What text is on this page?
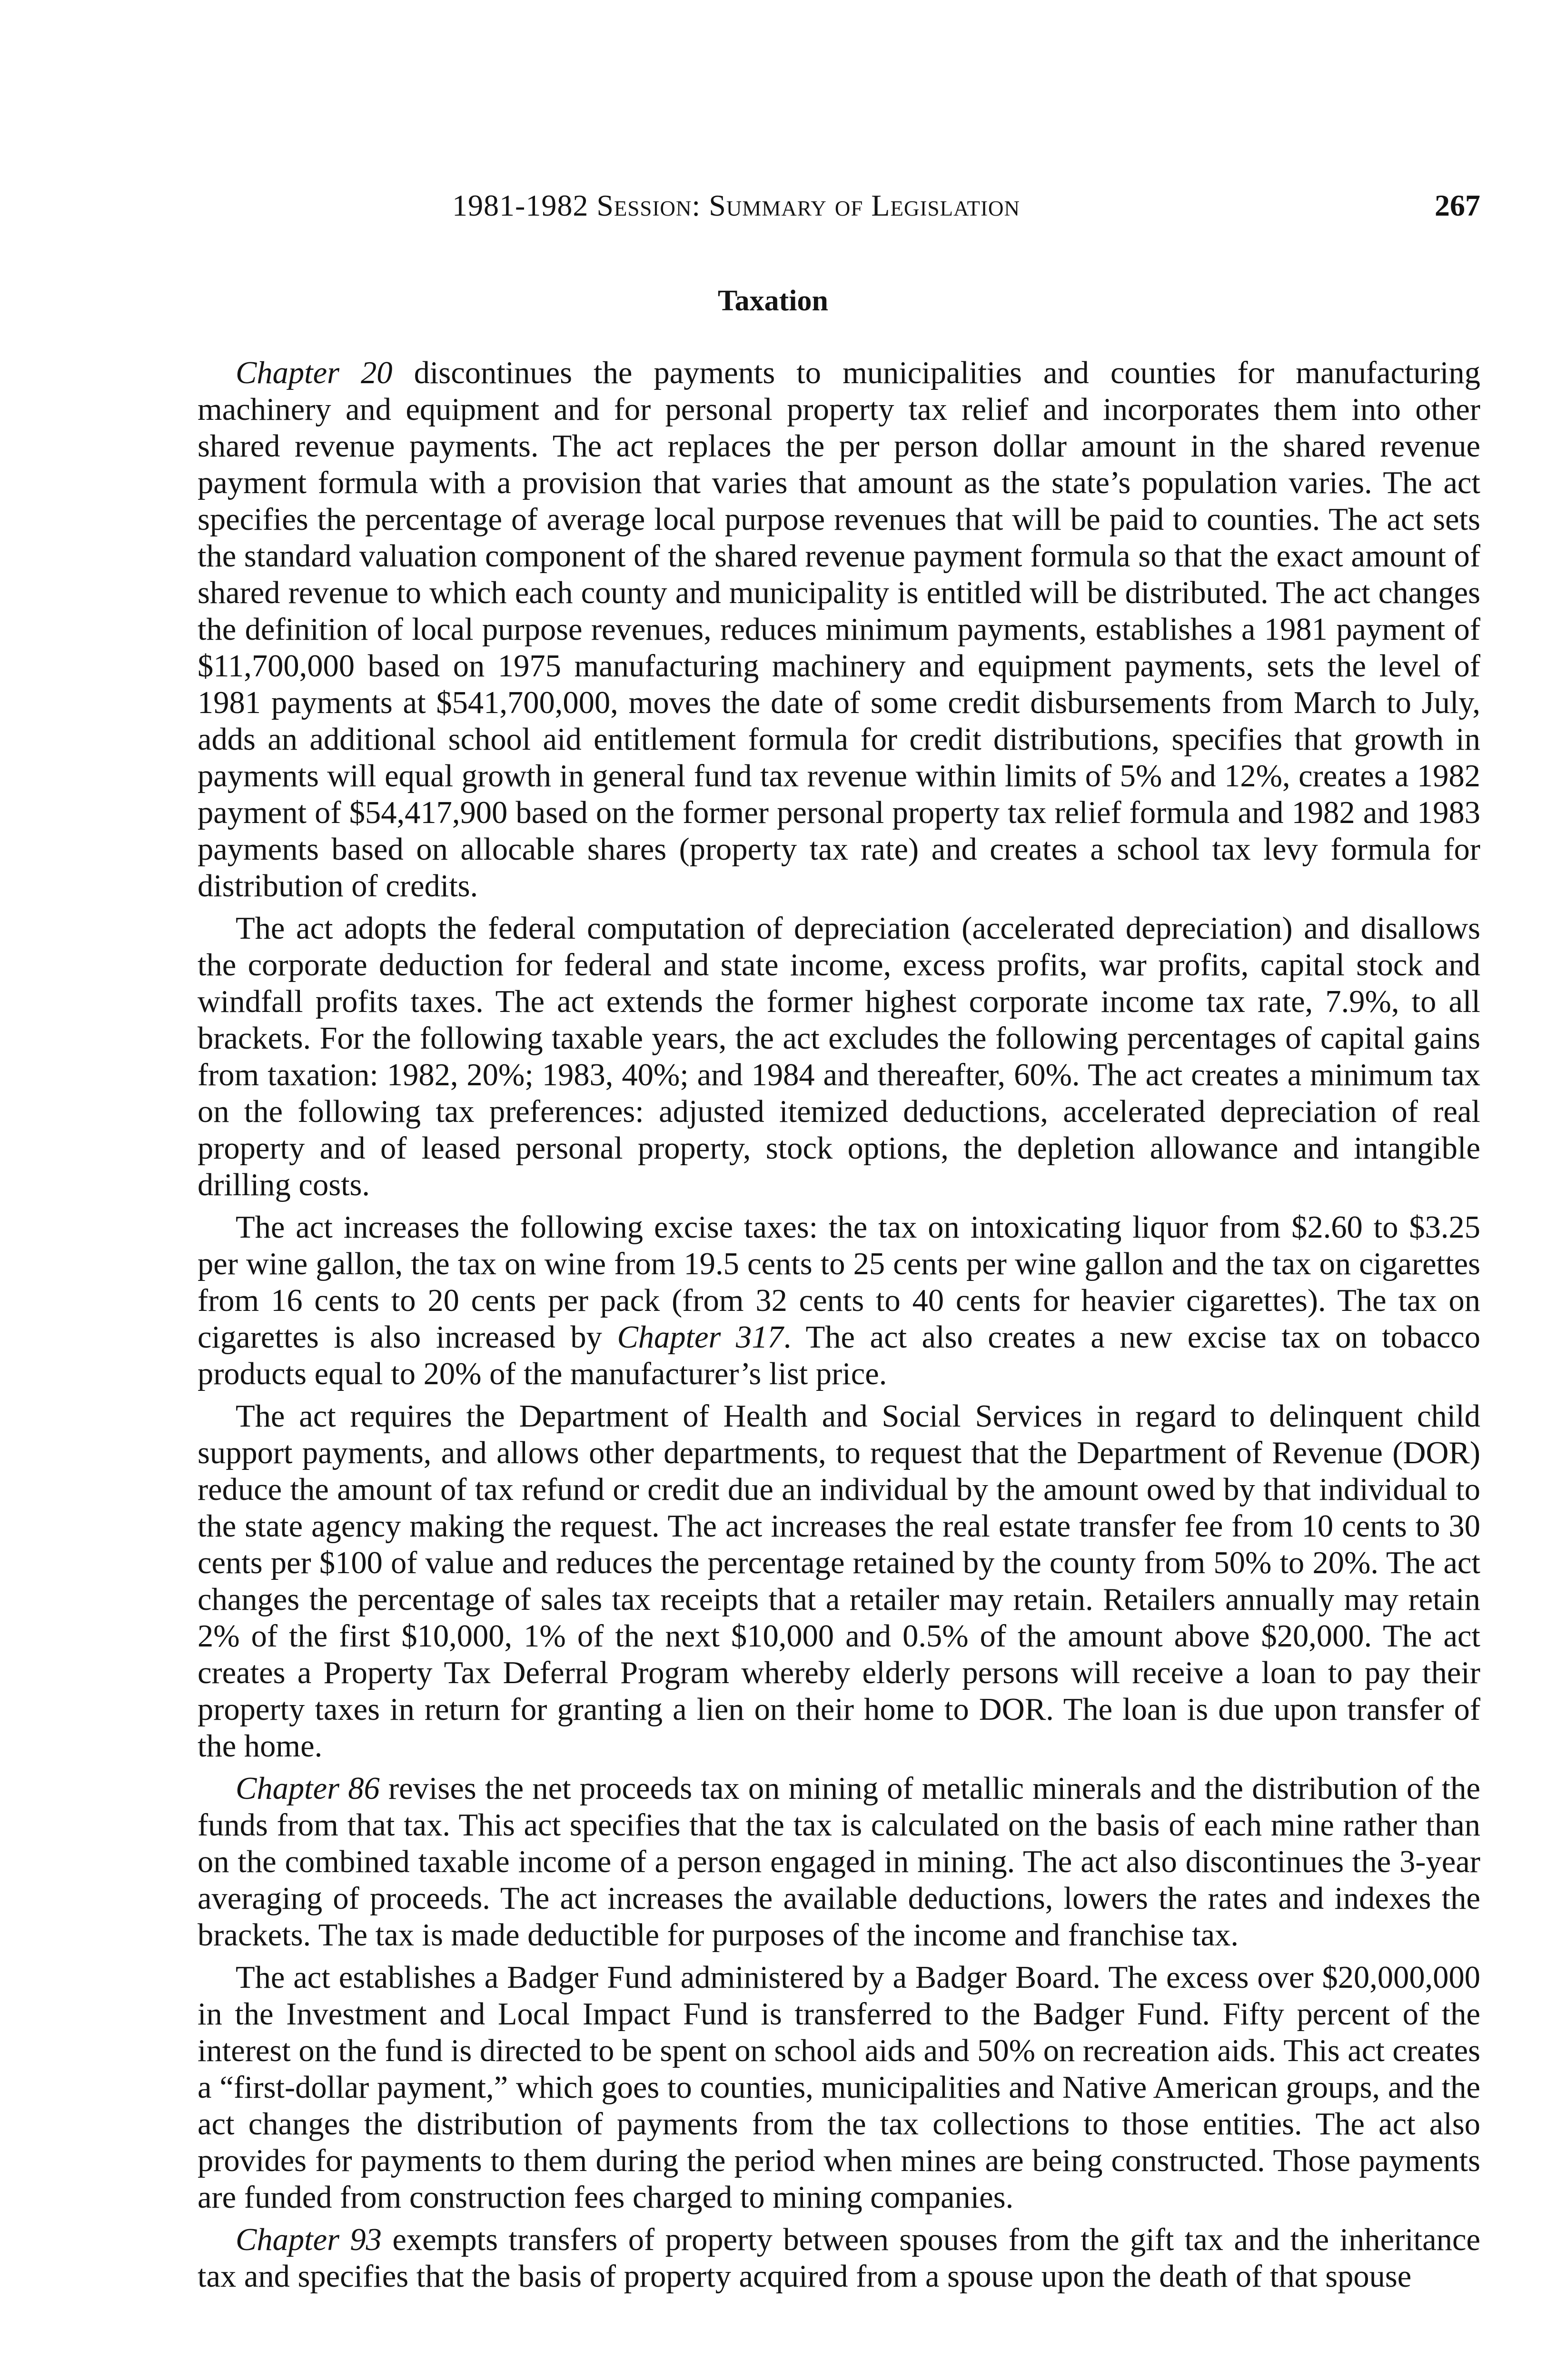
1981-1982 Session: Summary of Legislation	267
Taxation

Chapter 20 discontinues the payments to municipalities and counties for manufacturing machinery and equipment and for personal property tax relief and incorporates them into other shared revenue payments. The act replaces the per person dollar amount in the shared revenue payment formula with a provision that varies that amount as the state’s population varies. The act specifies the percentage of average local purpose revenues that will be paid to counties. The act sets the standard valuation component of the shared revenue payment formula so that the exact amount of shared revenue to which each county and municipality is entitled will be distributed. The act changes the definition of local purpose revenues, reduces minimum payments, establishes a 1981 payment of $11,700,000 based on 1975 manufacturing machinery and equipment payments, sets the level of 1981 payments at $541,700,000, moves the date of some credit disbursements from March to July, adds an additional school aid entitlement formula for credit distributions, specifies that growth in payments will equal growth in general fund tax revenue within limits of 5% and 12%, creates a 1982 payment of $54,417,900 based on the former personal property tax relief formula and 1982 and 1983 payments based on allocable shares (property tax rate) and creates a school tax levy formula for distribution of credits.

The act adopts the federal computation of depreciation (accelerated depreciation) and disallows the corporate deduction for federal and state income, excess profits, war profits, capital stock and windfall profits taxes. The act extends the former highest corporate income tax rate, 7.9%, to all brackets. For the following taxable years, the act excludes the following percentages of capital gains from taxation: 1982, 20%; 1983, 40%; and 1984 and thereafter, 60%. The act creates a minimum tax on the following tax preferences: adjusted itemized deductions, accelerated depreciation of real property and of leased personal property, stock options, the depletion allowance and intangible drilling costs.

The act increases the following excise taxes: the tax on intoxicating liquor from $2.60 to $3.25 per wine gallon, the tax on wine from 19.5 cents to 25 cents per wine gallon and the tax on cigarettes from 16 cents to 20 cents per pack (from 32 cents to 40 cents for heavier cigarettes). The tax on cigarettes is also increased by Chapter 317. The act also creates a new excise tax on tobacco products equal to 20% of the manufacturer’s list price.

The act requires the Department of Health and Social Services in regard to delinquent child support payments, and allows other departments, to request that the Department of Revenue (DOR) reduce the amount of tax refund or credit due an individual by the amount owed by that individual to the state agency making the request. The act increases the real estate transfer fee from 10 cents to 30 cents per $100 of value and reduces the percentage retained by the county from 50% to 20%. The act changes the percentage of sales tax receipts that a retailer may retain. Retailers annually may retain 2% of the first $10,000, 1% of the next $10,000 and 0.5% of the amount above $20,000. The act creates a Property Tax Deferral Program whereby elderly persons will receive a loan to pay their property taxes in return for granting a lien on their home to DOR. The loan is due upon transfer of the home.

Chapter 86 revises the net proceeds tax on mining of metallic minerals and the distribution of the funds from that tax. This act specifies that the tax is calculated on the basis of each mine rather than on the combined taxable income of a person engaged in mining. The act also discontinues the 3-year averaging of proceeds. The act increases the available deductions, lowers the rates and indexes the brackets. The tax is made deductible for purposes of the income and franchise tax.

The act establishes a Badger Fund administered by a Badger Board. The excess over $20,000,000 in the Investment and Local Impact Fund is transferred to the Badger Fund. Fifty percent of the interest on the fund is directed to be spent on school aids and 50% on recreation aids. This act creates a “first-dollar payment,” which goes to counties, municipalities and Native American groups, and the act changes the distribution of payments from the tax collections to those entities. The act also provides for payments to them during the period when mines are being constructed. Those payments are funded from construction fees charged to mining companies.

Chapter 93 exempts transfers of property between spouses from the gift tax and the inheritance tax and specifies that the basis of property acquired from a spouse upon the death of that spouse
